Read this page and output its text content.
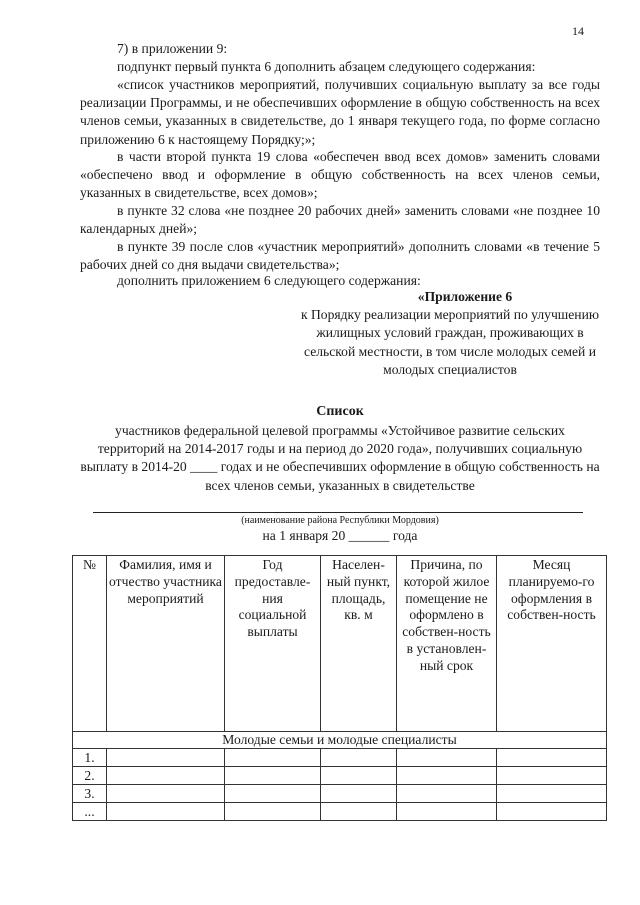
14
7) в приложении 9:
подпункт первый пункта 6 дополнить абзацем следующего содержания:
«список участников мероприятий, получивших социальную выплату за все годы реализации Программы, и не обеспечивших оформление в общую собственность на всех членов семьи, указанных в свидетельстве, до 1 января текущего года, по форме согласно приложению 6 к настоящему Порядку;»;
в части второй пункта 19 слова «обеспечен ввод всех домов» заменить словами «обеспечено ввод и оформление в общую собственность на всех членов семьи, указанных в свидетельстве, всех домов»;
в пункте 32 слова «не позднее 20 рабочих дней» заменить словами «не позднее 10 календарных дней»;
в пункте 39 после слов «участник мероприятий» дополнить словами «в течение 5 рабочих дней со дня выдачи свидетельства»;
дополнить приложением 6 следующего содержания:
«Приложение 6
к Порядку реализации мероприятий по улучшению жилищных условий граждан, проживающих в сельской местности, в том числе молодых семей и молодых специалистов
Список
участников федеральной целевой программы «Устойчивое развитие сельских территорий на 2014-2017 годы и на период до 2020 года», получивших социальную выплату в 2014-20 ____ годах и не обеспечивших оформление в общую собственность на всех членов семьи, указанных в свидетельстве
(наименование района Республики Мордовия)
на 1 января 20 ______ года
№	Фамилия, имя и отчество участника мероприятий	Год предоставле-ния социальной выплаты	Населен-ный пункт, площадь, кв. м	Причина, по которой жилое помещение не оформлено в собствен-ность в установлен-ный срок	Месяц планируемо-го оформления в собствен-ность
Молодые семьи и молодые специалисты					
1.					
2.					
3.					
...					
